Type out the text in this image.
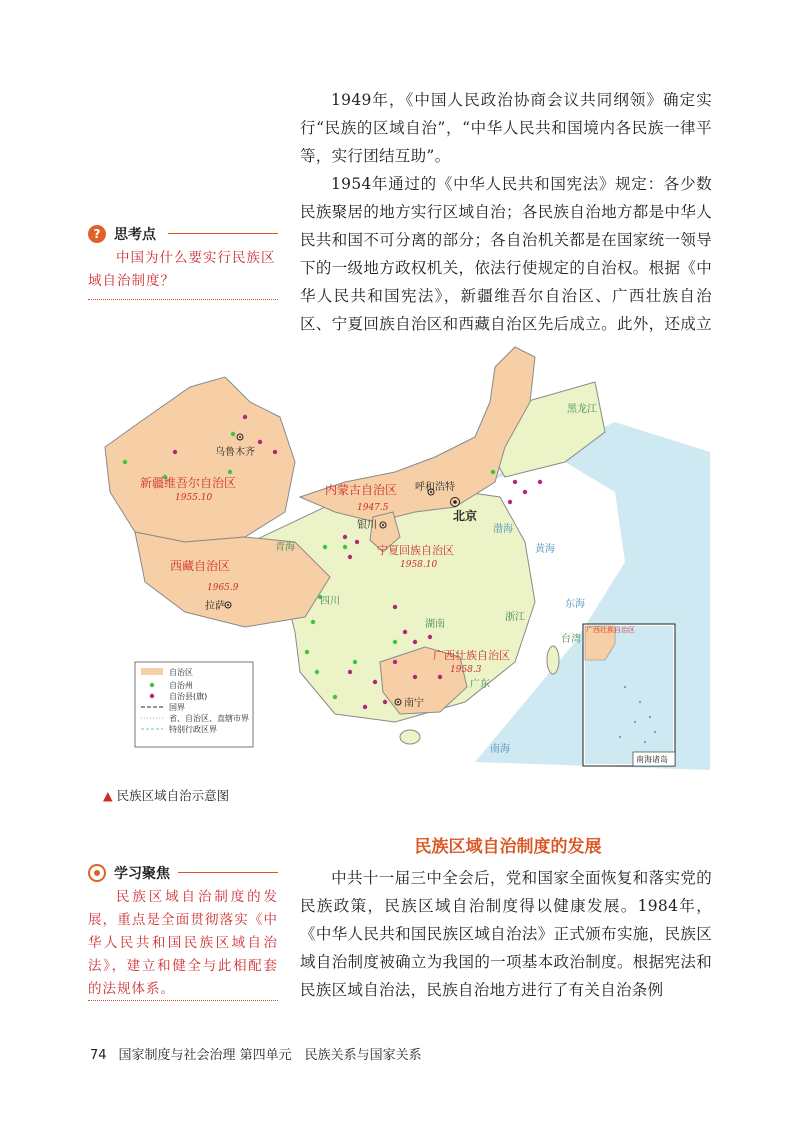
1949年，《中国人民政治协商会议共同纲领》确定实行“民族的区域自治”，“中华人民共和国境内各民族一律平等，实行团结互助”。

1954年通过的《中华人民共和国宪法》规定：各少数民族聚居的地方实行区域自治；各民族自治地方都是中华人民共和国不可分离的部分；各自治机关都是在国家统一领导下的一级地方政权机关，依法行使规定的自治权。根据《中华人民共和国宪法》，新疆维吾尔自治区、广西壮族自治区、宁夏回族自治区和西藏自治区先后成立。此外，还成立

? 思考点

中国为什么要实行民族区域自治制度？

新疆维吾尔自治区
1955.10
西藏自治区
1965.9
内蒙古自治区
1947.5
宁夏回族自治区
1958.10
广西壮族自治区
1958.3
黑龙江
青海
四川
湖南
浙江
台湾
广东
渤海
黄海
东海
南海
乌鲁木齐
呼和浩特
北京
银川
拉萨
南宁
自治区
自治州
自治县(旗)
国界
省、自治区、直辖市界
特别行政区界
广西壮族自治区
南海诸岛
▲ 民族区域自治示意图
民族区域自治制度的发展
学习聚焦

民族区域自治制度的发展，重点是全面贯彻落实《中华人民共和国民族区域自治法》，建立和健全与此相配套的法规体系。

中共十一届三中全会后，党和国家全面恢复和落实党的民族政策，民族区域自治制度得以健康发展。1984年，《中华人民共和国民族区域自治法》正式颁布实施，民族区域自治制度被确立为我国的一项基本政治制度。根据宪法和民族区域自治法，民族自治地方进行了有关自治条例

74 国家制度与社会治理 第四单元　民族关系与国家关系
